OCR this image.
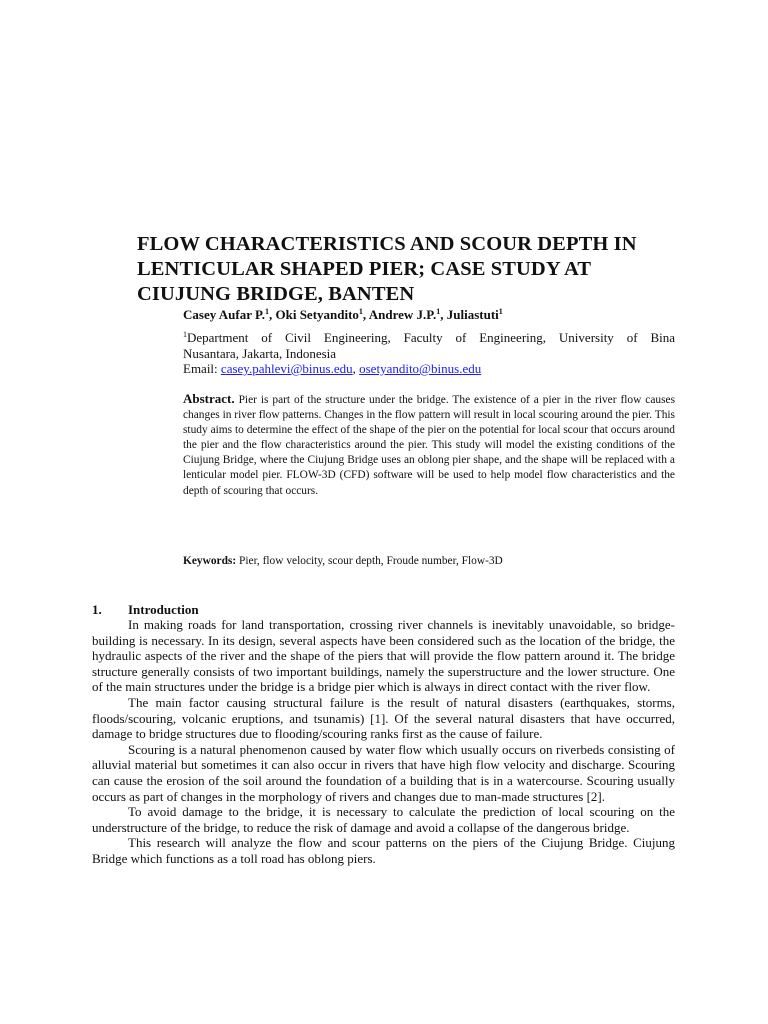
FLOW CHARACTERISTICS AND SCOUR DEPTH IN
LENTICULAR SHAPED PIER; CASE STUDY AT
CIUJUNG BRIDGE, BANTEN
Casey Aufar P.$^1$, Oki Setyandito$^1$, Andrew J.P.$^1$, Juliastuti$^1$
$^1$Department of Civil Engineering, Faculty of Engineering, University of Bina
Nusantara, Jakarta, Indonesia
Email: casey.pahlevi@binus.edu, osetyandito@binus.edu
Abstract. Pier is part of the structure under the bridge. The existence of a pier in the river flow causes changes in river flow patterns. Changes in the flow pattern will result in local scouring around the pier. This study aims to determine the effect of the shape of the pier on the potential for local scour that occurs around the pier and the flow characteristics around the pier. This study will model the existing conditions of the Ciujung Bridge, where the Ciujung Bridge uses an oblong pier shape, and the shape will be replaced with a lenticular model pier. FLOW-3D (CFD) software will be used to help model flow characteristics and the depth of scouring that occurs.
Keywords: Pier, flow velocity, scour depth, Froude number, Flow-3D
1. Introduction

In making roads for land transportation, crossing river channels is inevitably unavoidable, so bridge-building is necessary. In its design, several aspects have been considered such as the location of the bridge, the hydraulic aspects of the river and the shape of the piers that will provide the flow pattern around it. The bridge structure generally consists of two important buildings, namely the superstructure and the lower structure. One of the main structures under the bridge is a bridge pier which is always in direct contact with the river flow.

The main factor causing structural failure is the result of natural disasters (earthquakes, storms, floods/scouring, volcanic eruptions, and tsunamis) [1]. Of the several natural disasters that have occurred, damage to bridge structures due to flooding/scouring ranks first as the cause of failure.

Scouring is a natural phenomenon caused by water flow which usually occurs on riverbeds consisting of alluvial material but sometimes it can also occur in rivers that have high flow velocity and discharge. Scouring can cause the erosion of the soil around the foundation of a building that is in a watercourse. Scouring usually occurs as part of changes in the morphology of rivers and changes due to man-made structures [2].

To avoid damage to the bridge, it is necessary to calculate the prediction of local scouring on the understructure of the bridge, to reduce the risk of damage and avoid a collapse of the dangerous bridge.

This research will analyze the flow and scour patterns on the piers of the Ciujung Bridge. Ciujung Bridge which functions as a toll road has oblong piers.
